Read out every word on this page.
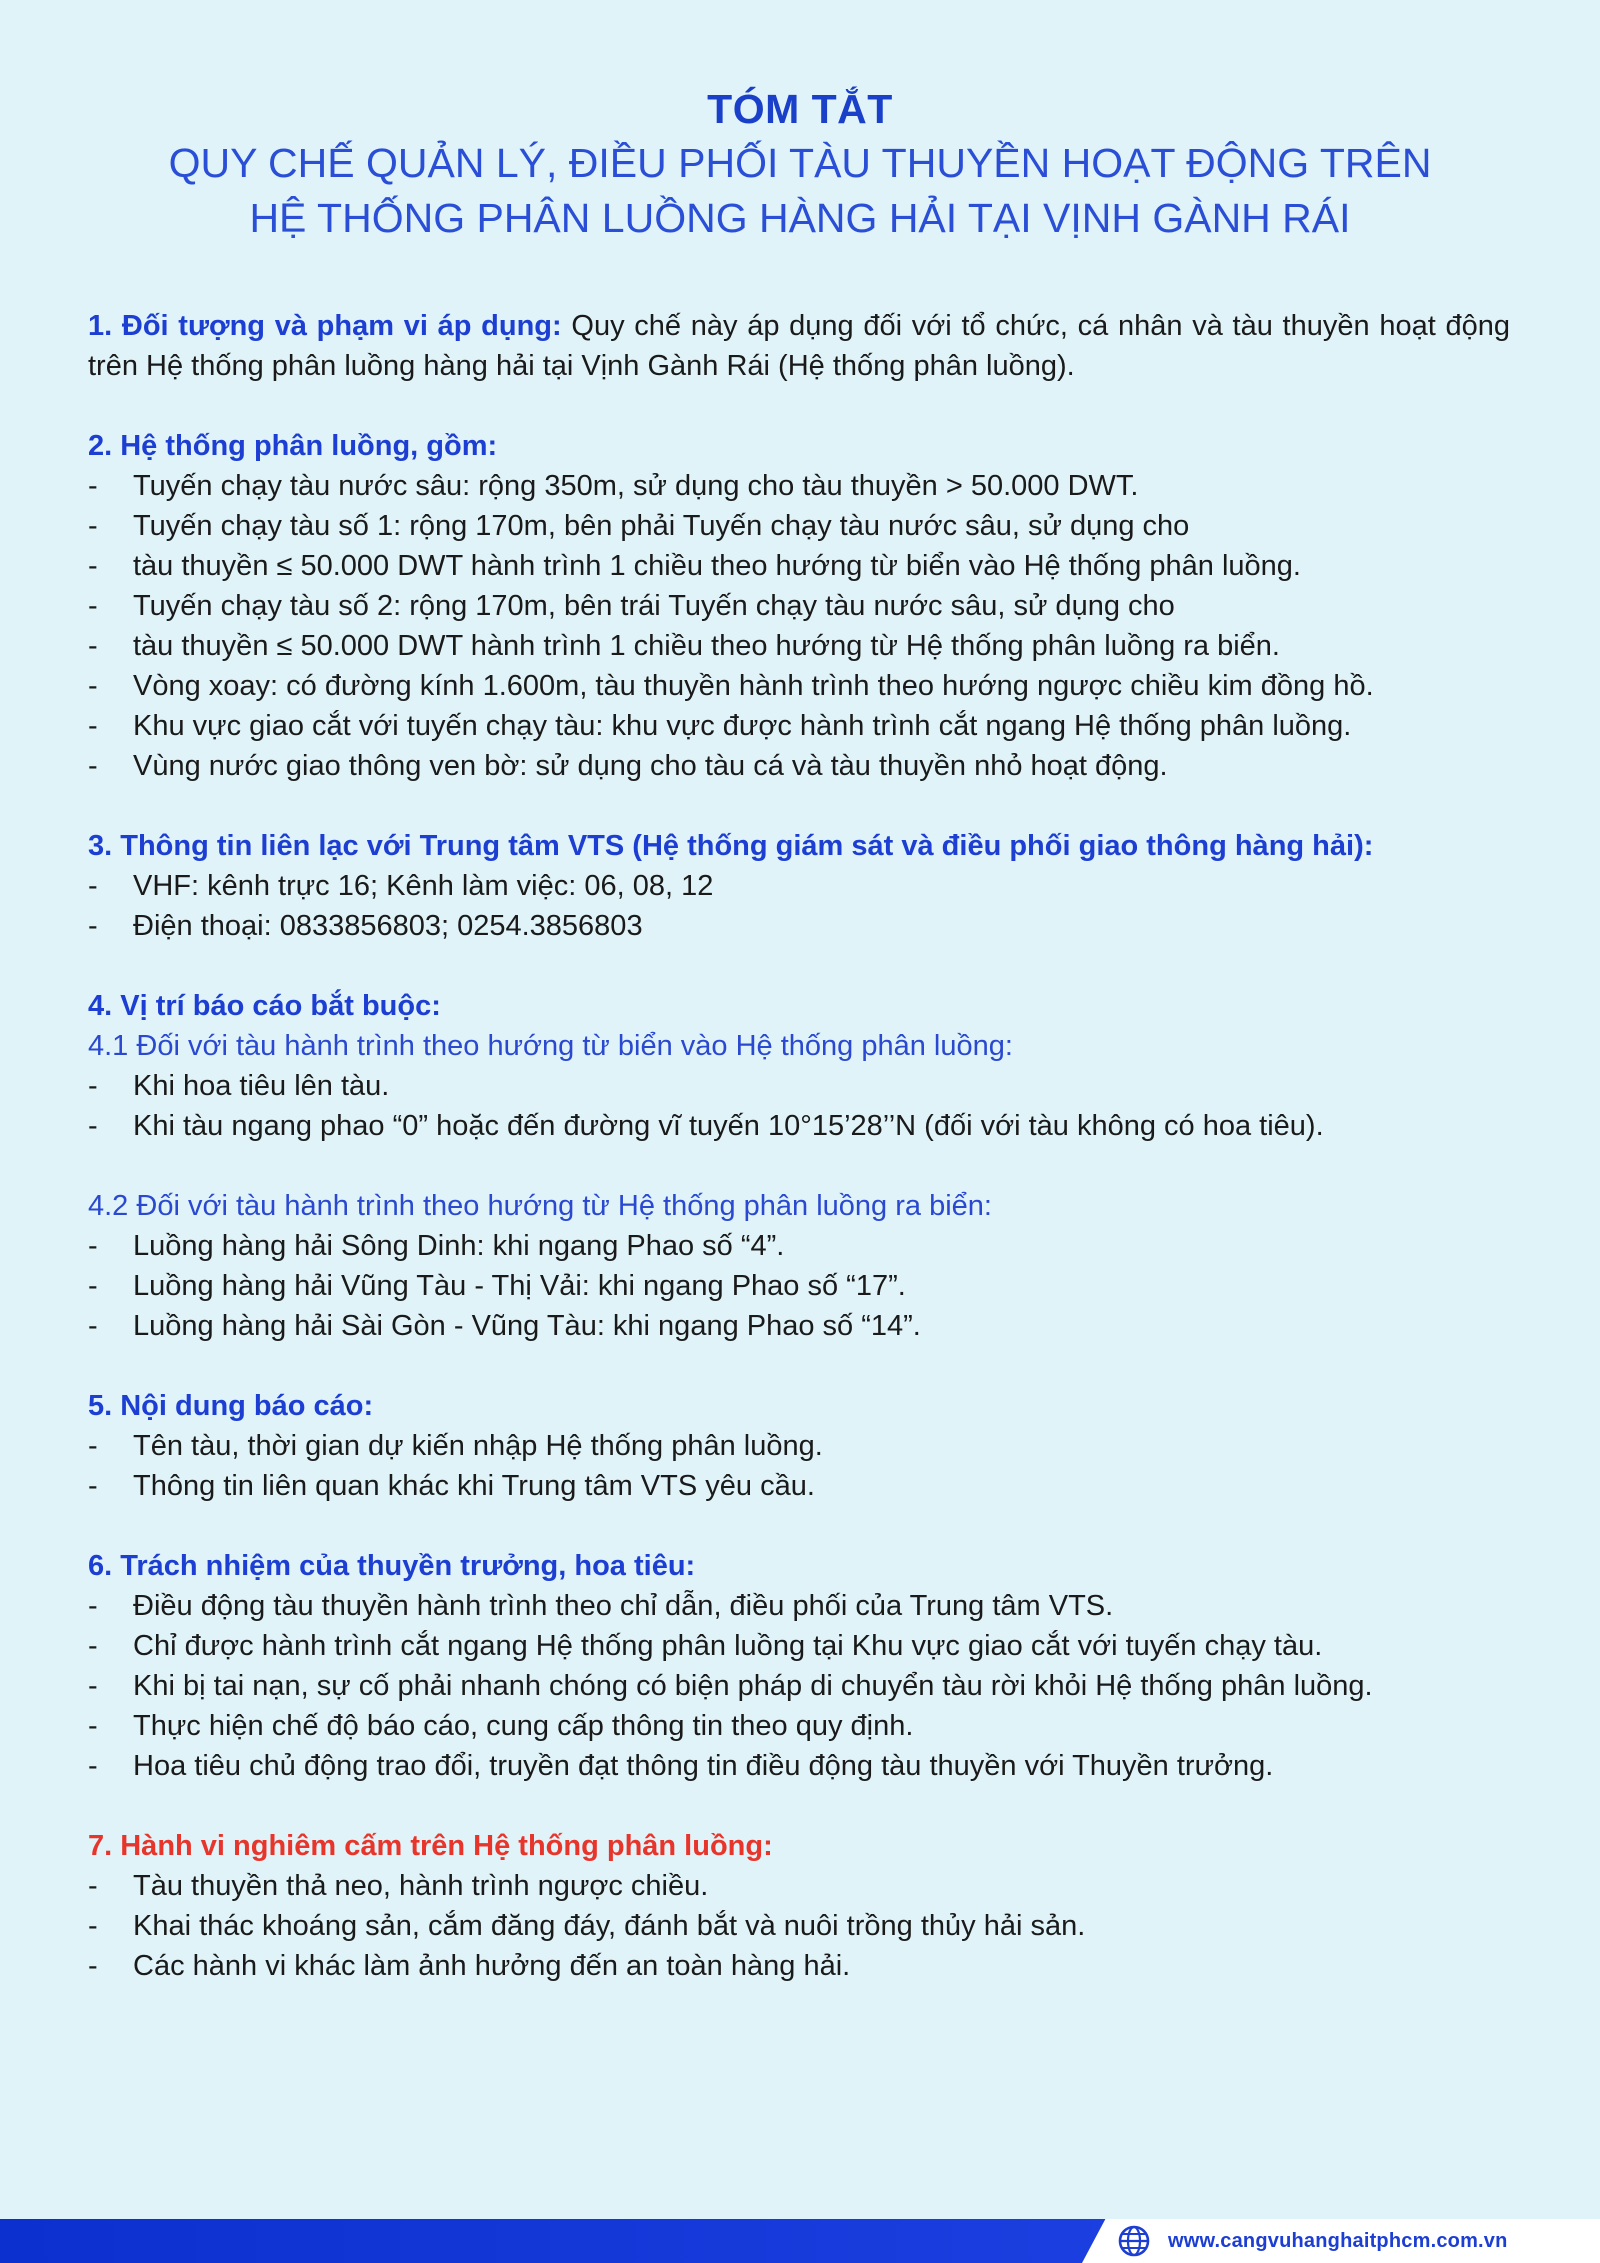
TÓM TẮT

QUY CHẾ QUẢN LÝ, ĐIỀU PHỐI TÀU THUYỀN HOẠT ĐỘNG TRÊN

HỆ THỐNG PHÂN LUỒNG HÀNG HẢI TẠI VỊNH GÀNH RÁI

1. Đối tượng và phạm vi áp dụng: Quy chế này áp dụng đối với tổ chức, cá nhân và tàu thuyền hoạt động trên Hệ thống phân luồng hàng hải tại Vịnh Gành Rái (Hệ thống phân luồng).

2. Hệ thống phân luồng, gồm:
- Tuyến chạy tàu nước sâu: rộng 350m, sử dụng cho tàu thuyền > 50.000 DWT.
- Tuyến chạy tàu số 1: rộng 170m, bên phải Tuyến chạy tàu nước sâu, sử dụng cho
- tàu thuyền ≤ 50.000 DWT hành trình 1 chiều theo hướng từ biển vào Hệ thống phân luồng.
- Tuyến chạy tàu số 2: rộng 170m, bên trái Tuyến chạy tàu nước sâu, sử dụng cho
- tàu thuyền ≤ 50.000 DWT hành trình 1 chiều theo hướng từ Hệ thống phân luồng ra biển.
- Vòng xoay: có đường kính 1.600m, tàu thuyền hành trình theo hướng ngược chiều kim đồng hồ.
- Khu vực giao cắt với tuyến chạy tàu: khu vực được hành trình cắt ngang Hệ thống phân luồng.
- Vùng nước giao thông ven bờ: sử dụng cho tàu cá và tàu thuyền nhỏ hoạt động.
3. Thông tin liên lạc với Trung tâm VTS (Hệ thống giám sát và điều phối giao thông hàng hải):
- VHF: kênh trực 16; Kênh làm việc: 06, 08, 12
- Điện thoại: 0833856803; 0254.3856803
4. Vị trí báo cáo bắt buộc:
4.1 Đối với tàu hành trình theo hướng từ biển vào Hệ thống phân luồng:
- Khi hoa tiêu lên tàu.
- Khi tàu ngang phao “0” hoặc đến đường vĩ tuyến 10°15’28’’N (đối với tàu không có hoa tiêu).
4.2 Đối với tàu hành trình theo hướng từ Hệ thống phân luồng ra biển:
- Luồng hàng hải Sông Dinh: khi ngang Phao số “4”.
- Luồng hàng hải Vũng Tàu - Thị Vải: khi ngang Phao số “17”.
- Luồng hàng hải Sài Gòn - Vũng Tàu: khi ngang Phao số “14”.
5. Nội dung báo cáo:
- Tên tàu, thời gian dự kiến nhập Hệ thống phân luồng.
- Thông tin liên quan khác khi Trung tâm VTS yêu cầu.
6. Trách nhiệm của thuyền trưởng, hoa tiêu:
- Điều động tàu thuyền hành trình theo chỉ dẫn, điều phối của Trung tâm VTS.
- Chỉ được hành trình cắt ngang Hệ thống phân luồng tại Khu vực giao cắt với tuyến chạy tàu.
- Khi bị tai nạn, sự cố phải nhanh chóng có biện pháp di chuyển tàu rời khỏi Hệ thống phân luồng.
- Thực hiện chế độ báo cáo, cung cấp thông tin theo quy định.
- Hoa tiêu chủ động trao đổi, truyền đạt thông tin điều động tàu thuyền với Thuyền trưởng.
7. Hành vi nghiêm cấm trên Hệ thống phân luồng:
- Tàu thuyền thả neo, hành trình ngược chiều.
- Khai thác khoáng sản, cắm đăng đáy, đánh bắt và nuôi trồng thủy hải sản.
- Các hành vi khác làm ảnh hưởng đến an toàn hàng hải.
www.cangvuhanghaitphcm.com.vn
